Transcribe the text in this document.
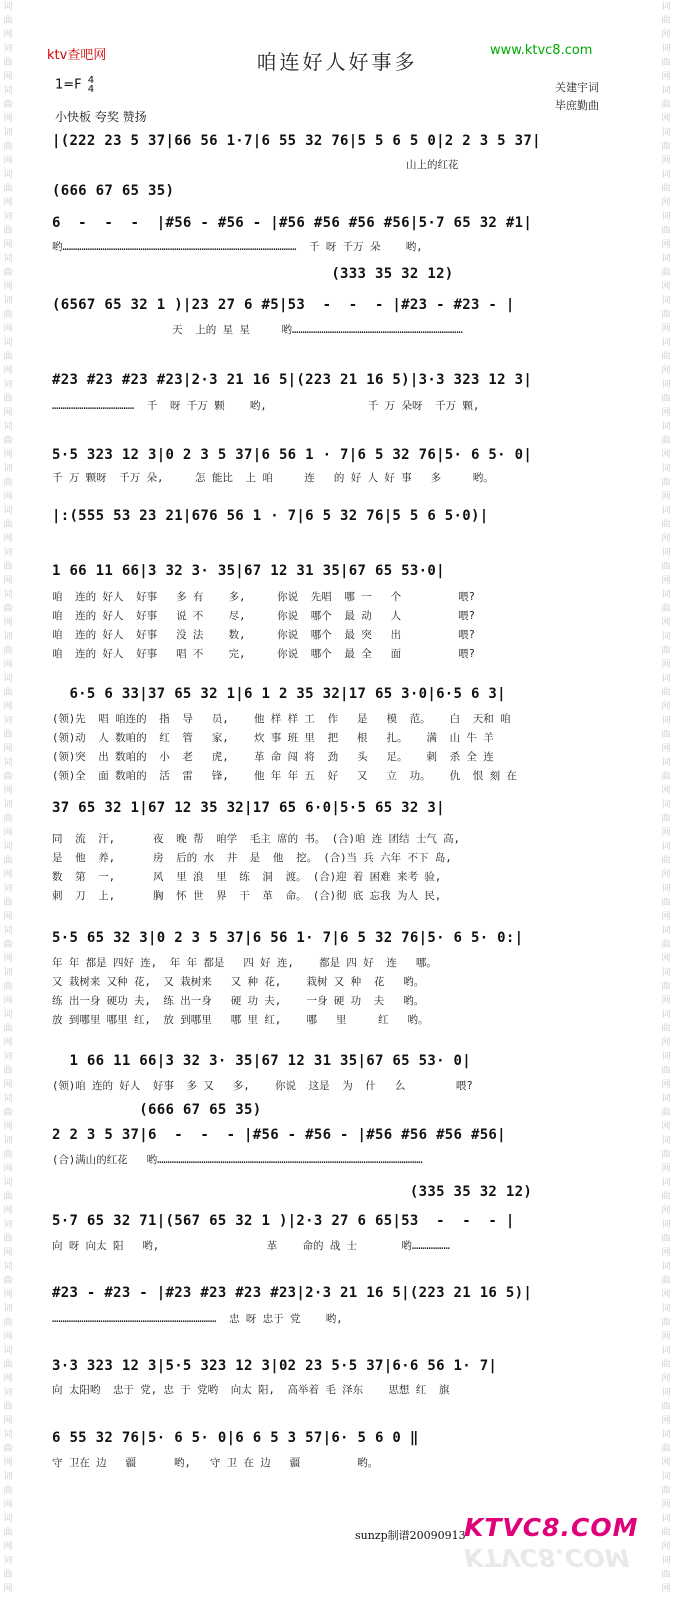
词
曲
网
词
曲
网
词
曲
网
词
曲
网
词
曲
网
词
曲
网
词
曲
网
词
曲
网
词
曲
网
词
曲
网
词
曲
网
词
曲
网
词
曲
网
词
曲
网
词
曲
网
词
曲
网
词
曲
网
词
曲
网
词
曲
网
词
曲
网
词
曲
网
词
曲
网
词
曲
网
词
曲
网
词
曲
网
词
曲
网
词
曲
网
词
曲
网
词
曲
网
词
曲
网
词
曲
网
词
曲
网
词
曲
网
词
曲
网
词
曲
网
词
曲
网
词
曲
网
词
曲
网
词
曲
网
词
曲
网
词
曲
网
词
曲
网
词
曲
网
词
曲
网
词
曲
网
词
曲
网
词
曲
网
词
曲
网
词
曲
网
词
曲
网
词
曲
网
词
曲
网
词
曲
网
词
曲
网
词
曲
网
词
曲
网
词
曲
网
词
曲
网
词
曲
网
词
曲
网
词
曲
网
词
曲
网
词
曲
网
词
曲
网
词
曲
网
词
曲
网
词
曲
网
词
曲
网
词
曲
网
词
曲
网
词
曲
网
词
曲
网
词
曲
网
词
曲
网
词
曲
网
词
曲
网
ktv查吧网	咱连好人好事多	www.ktvc8.com
1=F 4
4	关建宇词
毕庶勤曲
小快板 夸奖 赞扬
|(222 23 5 37|66 56 1·7|6 55 32 76|5 5 6 5 0|2 2 3 5 37|
山上的红花
(666 67 65 35)
6  -  -  -  |#56 - #56 - |#56 #56 #56 #56|5·7 65 32 #1|
哟…………………………………………………………………………………………………  千 呀 千万 朵    哟,
(333 35 32 12)
(6567 65 32 1 )|23 27 6 #5|53  -  -  - |#23 - #23 - |
天  上的 星 星     哟………………………………………………………………………
#23 #23 #23 #23|2·3 21 16 5|(223 21 16 5)|3·3 323 12 3|
…………………………………  千  呀 千万 颗    哟,                千 万 朵呀  千万 颗,
5·5 323 12 3|0 2 3 5 37|6 56 1 · 7|6 5 32 76|5· 6 5· 0|
千 万 颗呀  千万 朵,     怎 能比  上 咱     连   的 好 人 好 事   多     哟。
|:(555 53 23 21|676 56 1 · 7|6 5 32 76|5 5 6 5·0)|
1 66 11 66|3 32 3· 35|67 12 31 35|67 65 53·0|
咱  连的 好人  好事   多 有    多,     你说  先唱  哪 一   个         喂?
咱  连的 好人  好事   说 不    尽,     你说  哪个  最 动   人         喂?
咱  连的 好人  好事   没 法    数,     你说  哪个  最 突   出         喂?
咱  连的 好人  好事   唱 不    完,     你说  哪个  最 全   面         喂?
6·5 6 33|37 65 32 1|6 1 2 35 32|17 65 3·0|6·5 6 3|
(领)先  唱 咱连的  指  导   员,    他 样 样 工  作   是   模  范。   白  天和 咱
(领)动  人 数咱的  红  管   家,    炊 事 班 里  把   根   扎。   满  山 牛 羊
(领)突  出 数咱的  小  老   虎,    革 命 闯 将  劲   头   足。   刺  杀 全 连
(领)全  面 数咱的  活  雷   锋,    他 年 年 五  好   又   立  功。   仇  恨 刻 在
37 65 32 1|67 12 35 32|17 65 6·0|5·5 65 32 3|
同  流  汗,      夜  晚 帮  咱学  毛主 席的 书。 (合)咱 连 团结 士气 高,
是  他  养,      房  后的 水  井  是  他  挖。 (合)当 兵 六年 不下 岛,
数  第  一,      风  里 浪  里  练  洞  渡。 (合)迎 着 困难 来考 验,
刺  刀  上,      胸  怀 世  界  干  革  命。 (合)彻 底 忘我 为人 民,
5·5 65 32 3|0 2 3 5 37|6 56 1· 7|6 5 32 76|5· 6 5· 0:|
年 年 都是 四好 连,  年 年 都是   四 好 连,    都是 四 好  连   哪。
又 栽树来 又种 花,  又 栽树来   又 种 花,    栽树 又 种  花   哟。
练 出一身 硬功 夫,  练 出一身   硬 功 夫,    一身 硬 功  夫   哟。
放 到哪里 哪里 红,  放 到哪里   哪 里 红,    哪   里     红   哟。
1 66 11 66|3 32 3· 35|67 12 31 35|67 65 53· 0|
(领)咱 连的 好人  好事  多 又   多,    你说  这是  为  什   么        喂?
(666 67 65 35)
2 2 3 5 37|6  -  -  - |#56 - #56 - |#56 #56 #56 #56|
(合)满山的红花   哟………………………………………………………………………………………………………………
(335 35 32 12)
5·7 65 32 71|(567 65 32 1 )|2·3 27 6 65|53  -  -  - |
向 呀 向太 阳   哟,                 革    命的 战 士       哟………………
#23 - #23 - |#23 #23 #23 #23|2·3 21 16 5|(223 21 16 5)|
……………………………………………………………………  忠 呀 忠于 党    哟,
3·3 323 12 3|5·5 323 12 3|02 23 5·5 37|6·6 56 1· 7|
向 太阳哟  忠于 党, 忠 于 党哟  向太 阳,  高举着 毛 泽东    思想 红  旗
6 55 32 76|5· 6 5· 0|6 6 5 3 57|6· 5 6 0 ‖
守 卫在 边   疆      哟,   守 卫 在 边   疆         哟。
sunzp制谱20090913
KTVC8.COM
KTVC8.COM
